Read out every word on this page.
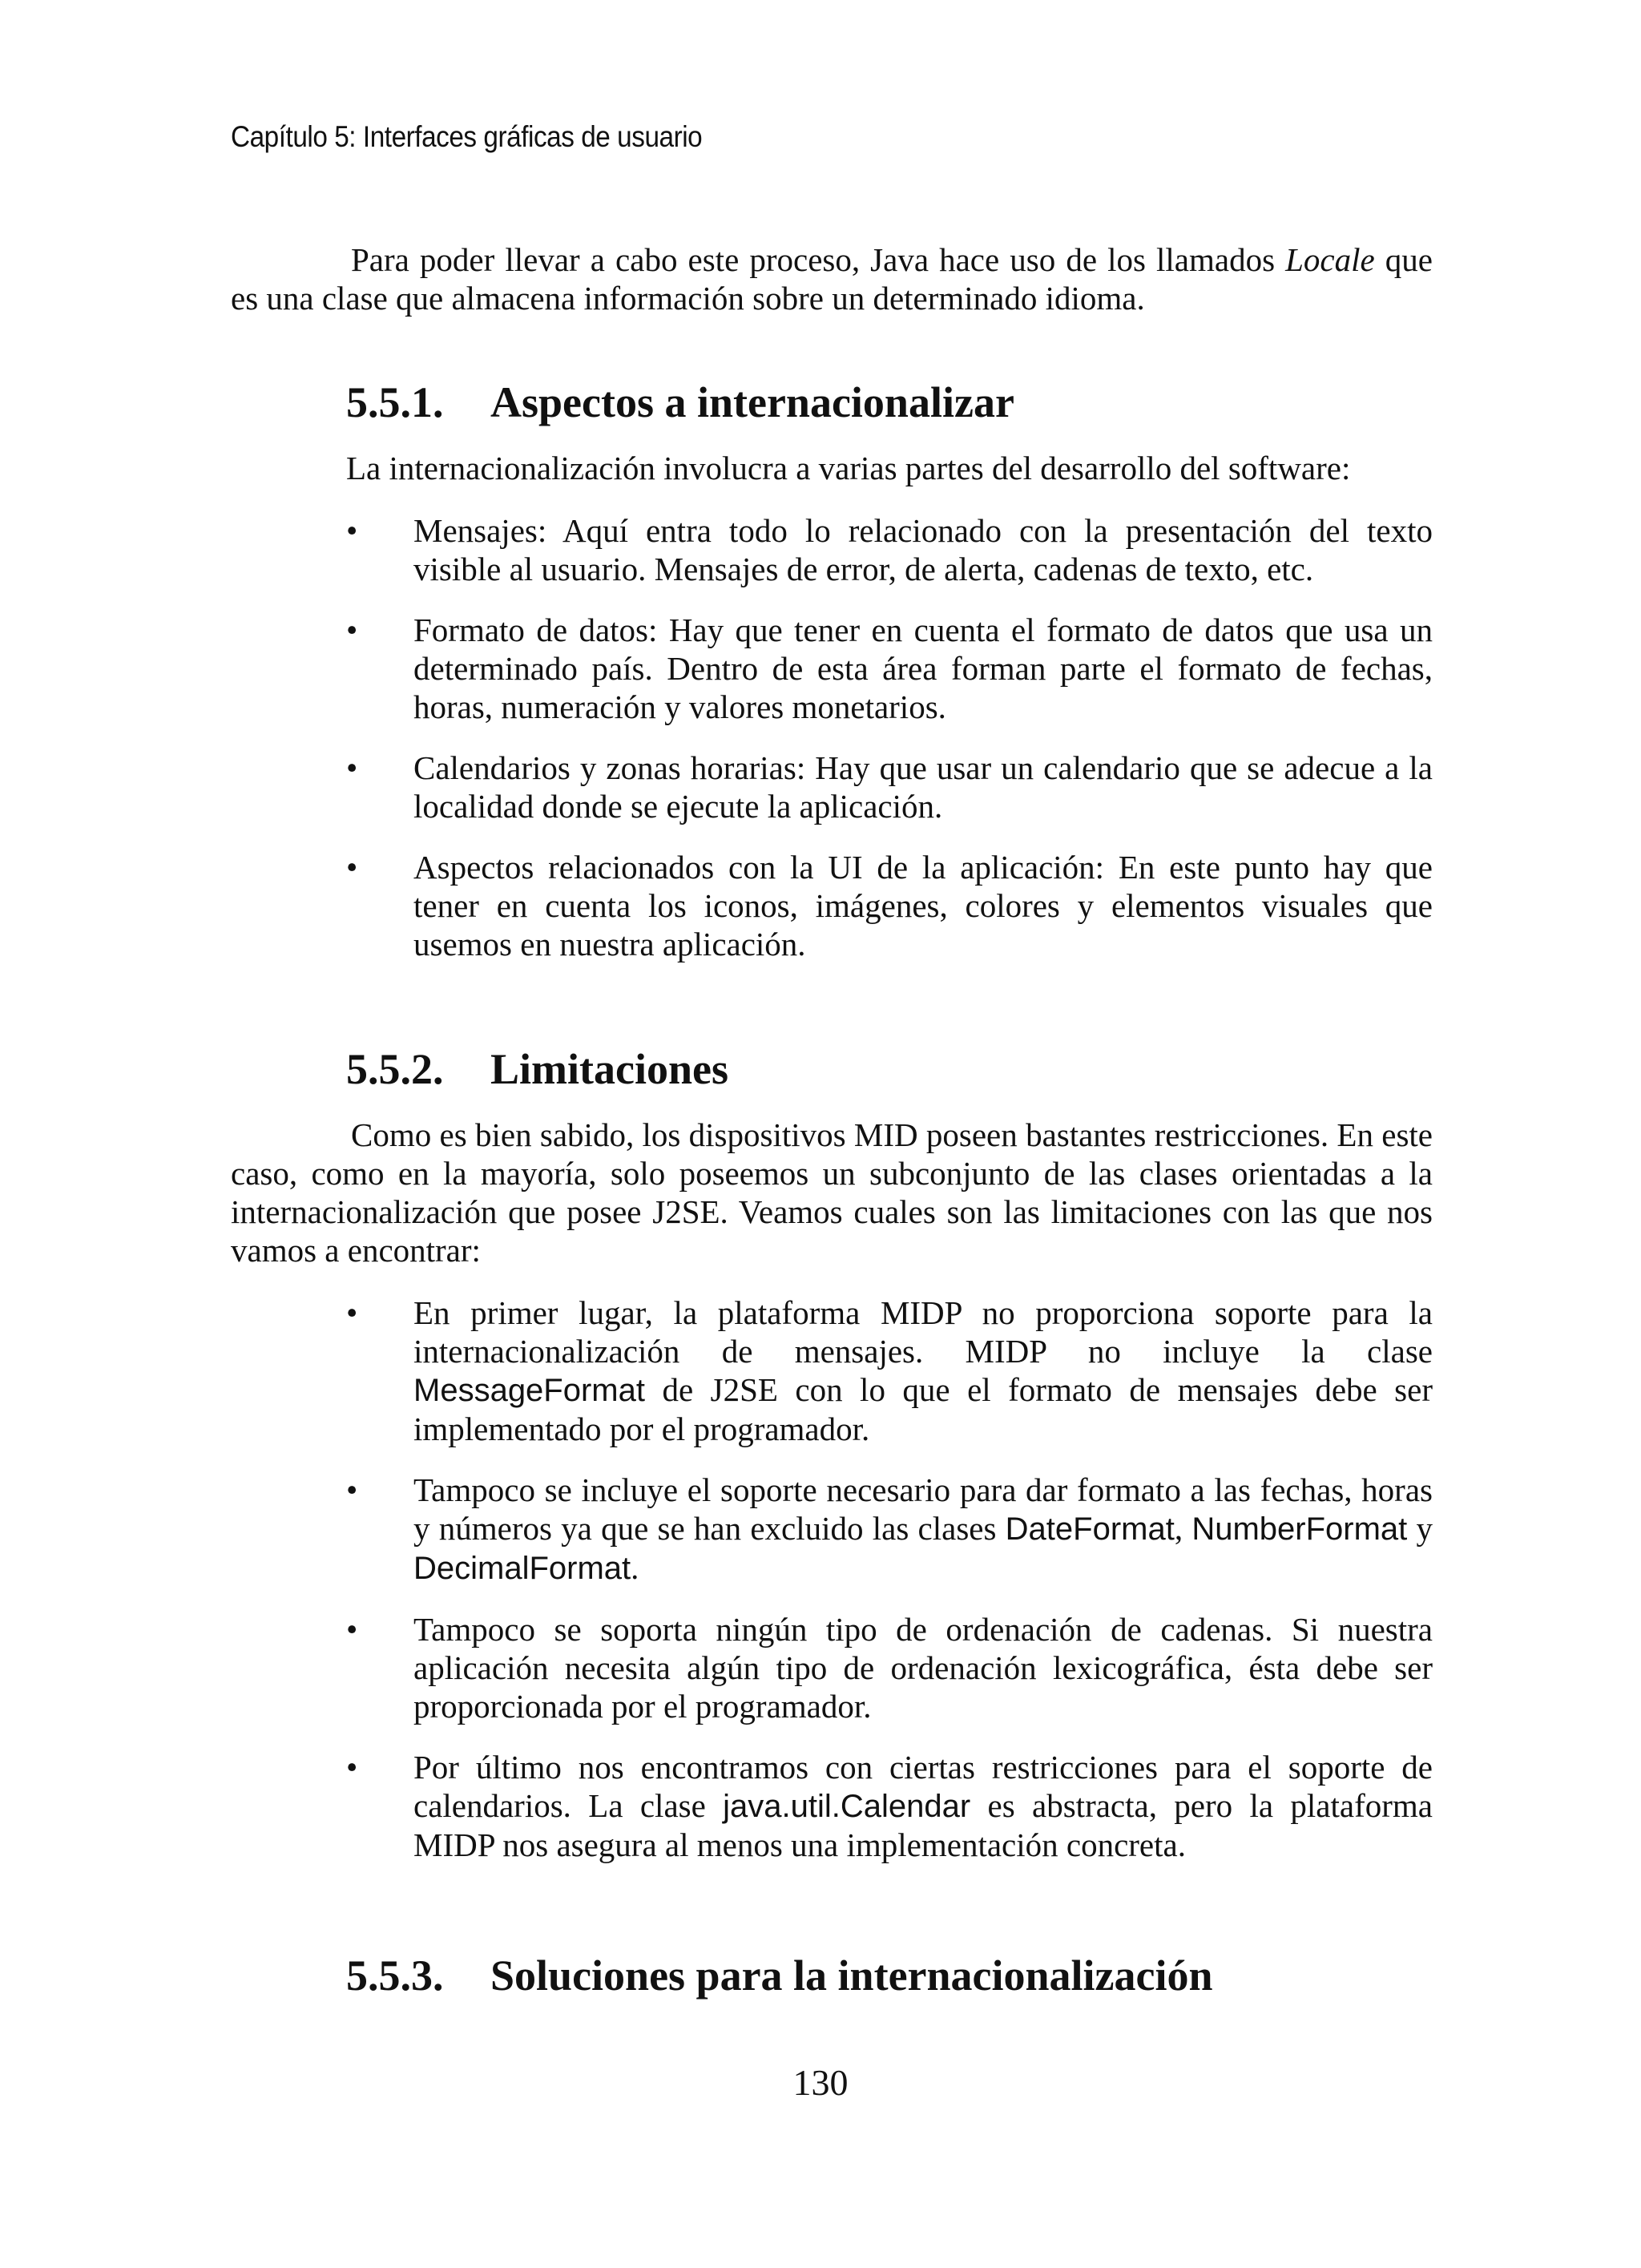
Capítulo 5: Interfaces gráficas de usuario

Para poder llevar a cabo este proceso, Java hace uso de los llamados Locale que es una clase que almacena información sobre un determinado idioma.

5.5.1. Aspectos a internacionalizar

La internacionalización involucra a varias partes del desarrollo del software:

• Mensajes: Aquí entra todo lo relacionado con la presentación del texto visible al usuario. Mensajes de error, de alerta, cadenas de texto, etc.
• Formato de datos: Hay que tener en cuenta el formato de datos que usa un determinado país. Dentro de esta área forman parte el formato de fechas, horas, numeración y valores monetarios.
• Calendarios y zonas horarias: Hay que usar un calendario que se adecue a la localidad donde se ejecute la aplicación.
• Aspectos relacionados con la UI de la aplicación: En este punto hay que tener en cuenta los iconos, imágenes, colores y elementos visuales que usemos en nuestra aplicación.
5.5.2. Limitaciones

Como es bien sabido, los dispositivos MID poseen bastantes restricciones. En este caso, como en la mayoría, solo poseemos un subconjunto de las clases orientadas a la internacionalización que posee J2SE. Veamos cuales son las limitaciones con las que nos vamos a encontrar:

• En primer lugar, la plataforma MIDP no proporciona soporte para la internacionalización de mensajes. MIDP no incluye la clase MessageFormat de J2SE con lo que el formato de mensajes debe ser implementado por el programador.
• Tampoco se incluye el soporte necesario para dar formato a las fechas, horas y números ya que se han excluido las clases DateFormat, NumberFormat y DecimalFormat.
• Tampoco se soporta ningún tipo de ordenación de cadenas. Si nuestra aplicación necesita algún tipo de ordenación lexicográfica, ésta debe ser proporcionada por el programador.
• Por último nos encontramos con ciertas restricciones para el soporte de calendarios. La clase java.util.Calendar es abstracta, pero la plataforma MIDP nos asegura al menos una implementación concreta.
5.5.3. Soluciones para la internacionalización
130
